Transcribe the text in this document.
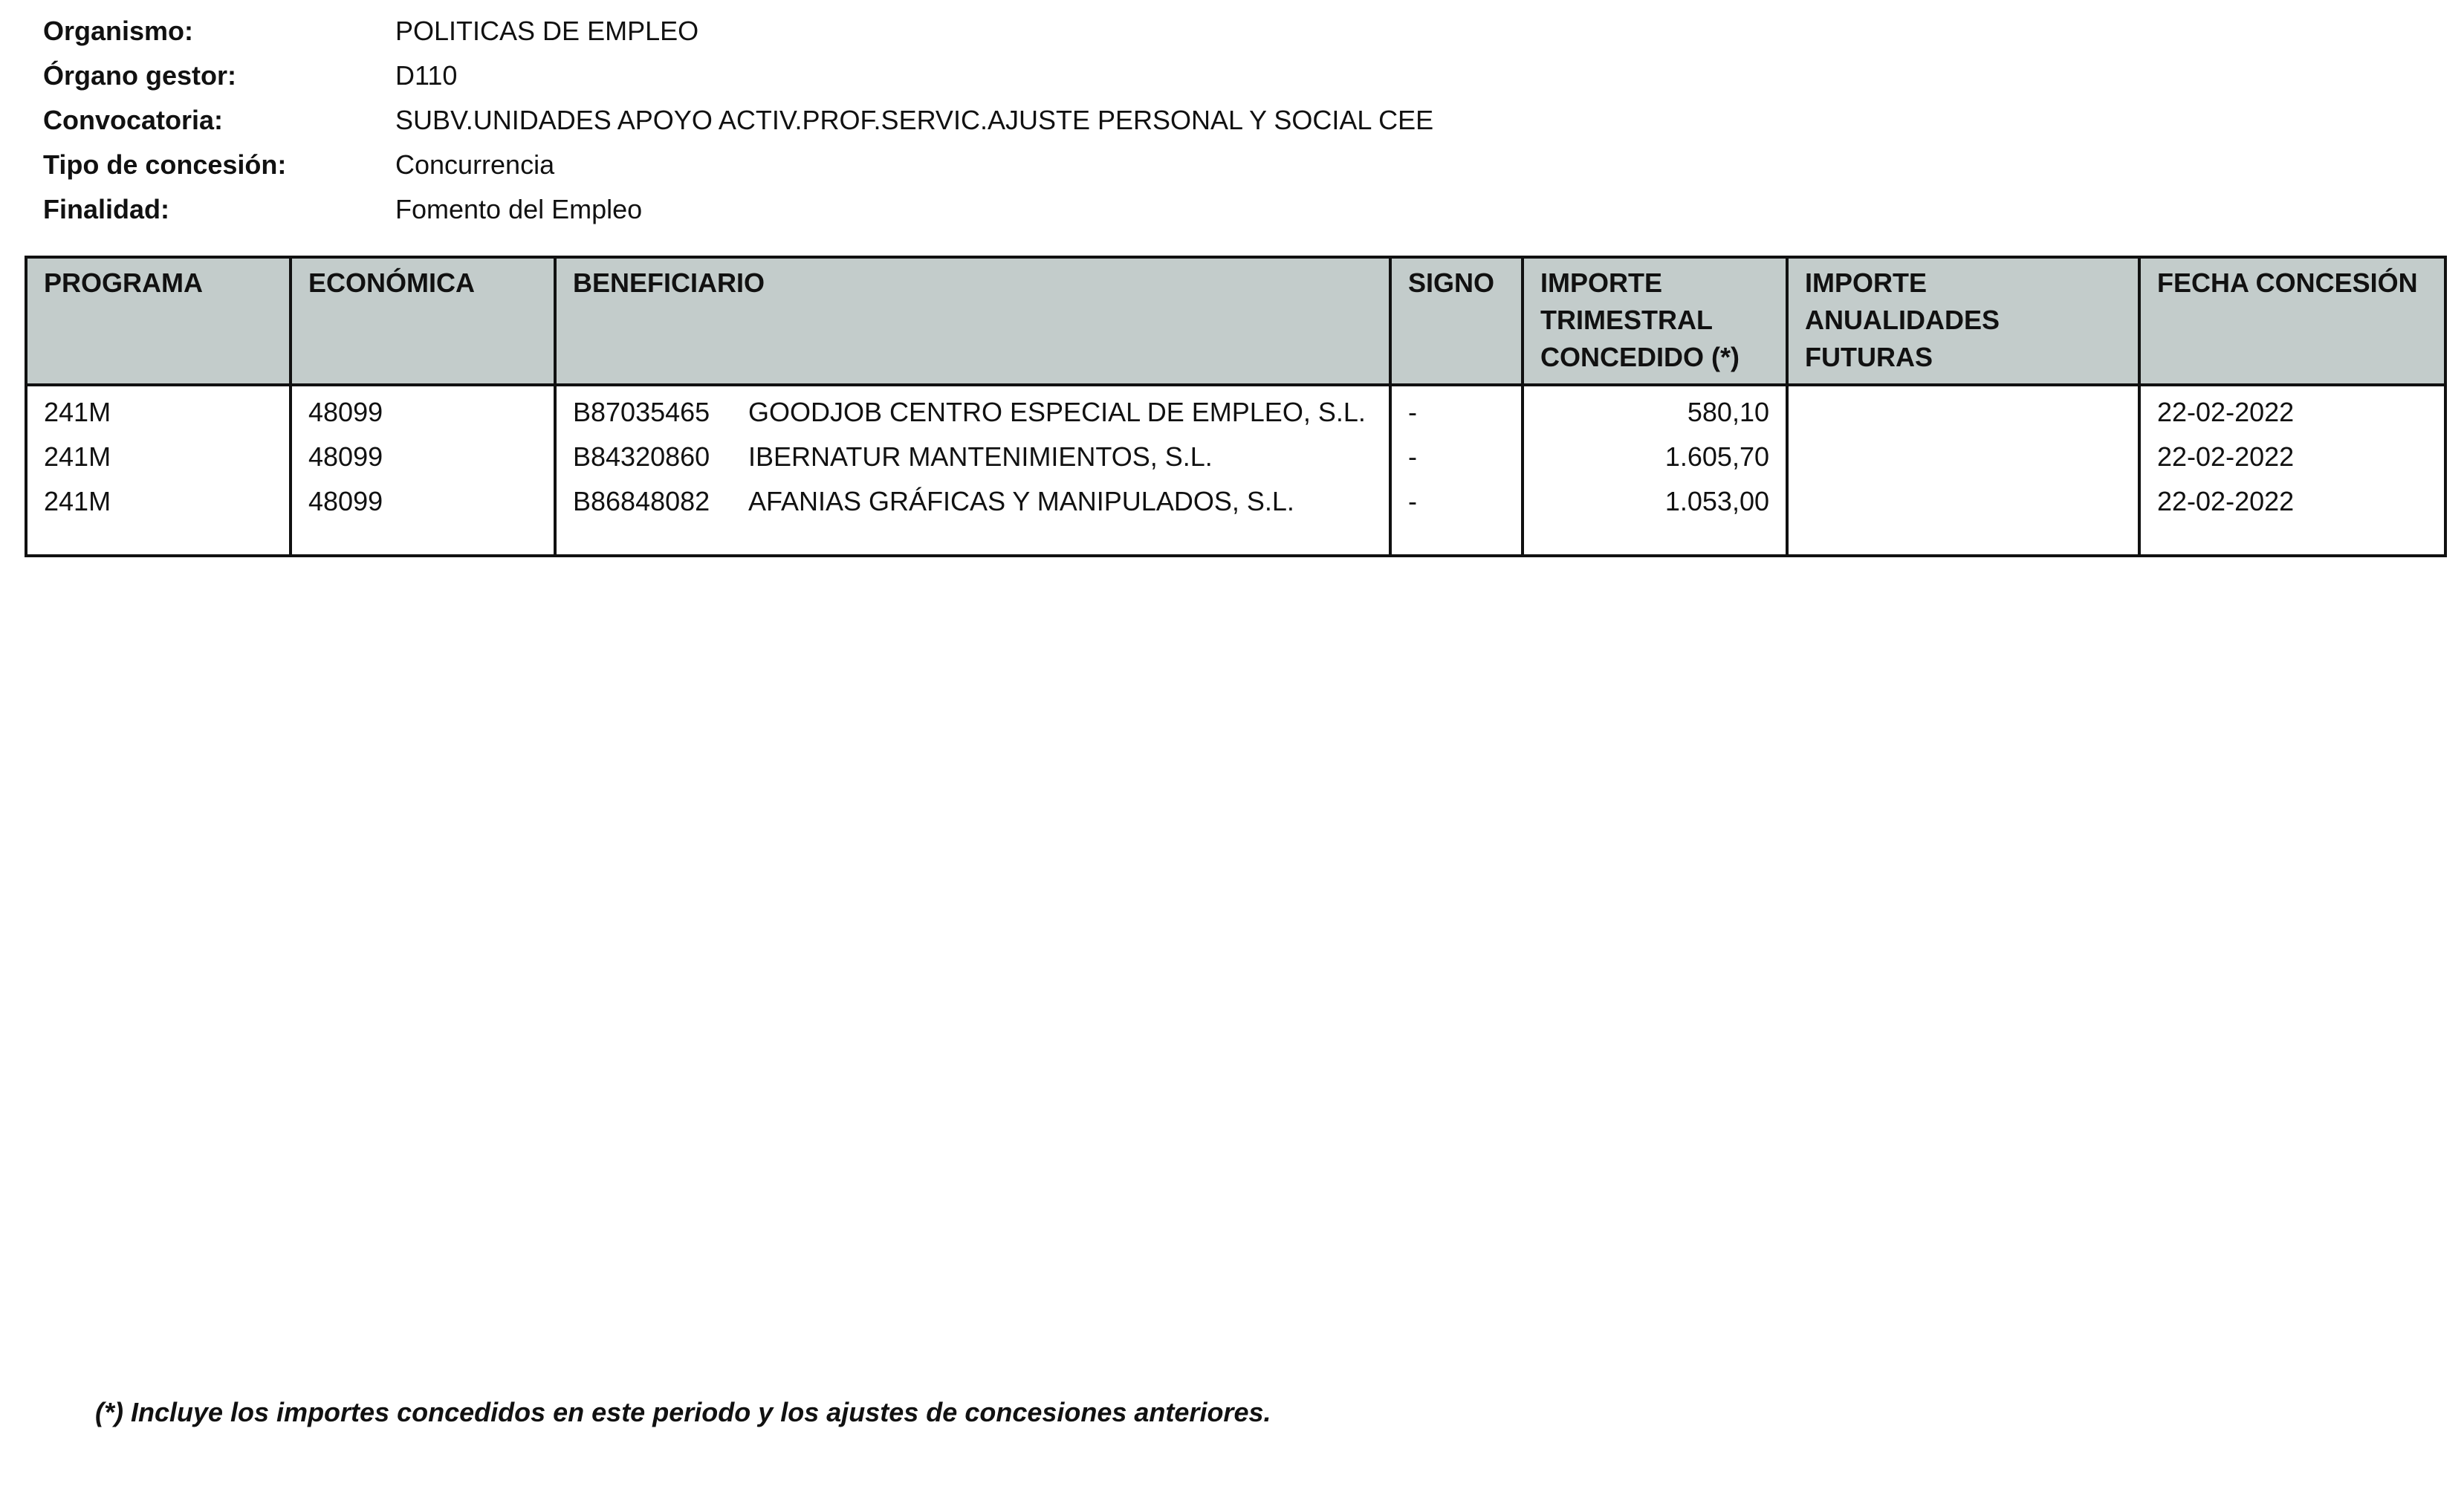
Organismo:	POLITICAS DE EMPLEO
Órgano gestor:	D110
Convocatoria:	SUBV.UNIDADES APOYO ACTIV.PROF.SERVIC.AJUSTE PERSONAL Y SOCIAL CEE
Tipo de concesión:	Concurrencia
Finalidad:	Fomento del Empleo
PROGRAMA	ECONÓMICA	BENEFICIARIO	SIGNO	IMPORTE TRIMESTRAL CONCEDIDO (*)	IMPORTE ANUALIDADES FUTURAS	FECHA CONCESIÓN
241M	48099	B87035465 GOODJOB CENTRO ESPECIAL DE EMPLEO, S.L.	-	580,10		22-02-2022
241M	48099	B84320860 IBERNATUR MANTENIMIENTOS, S.L.	-	1.605,70		22-02-2022
241M	48099	B86848082 AFANIAS GRÁFICAS Y MANIPULADOS, S.L.	-	1.053,00		22-02-2022
(*) Incluye los importes concedidos en este periodo y los ajustes de concesiones anteriores.
